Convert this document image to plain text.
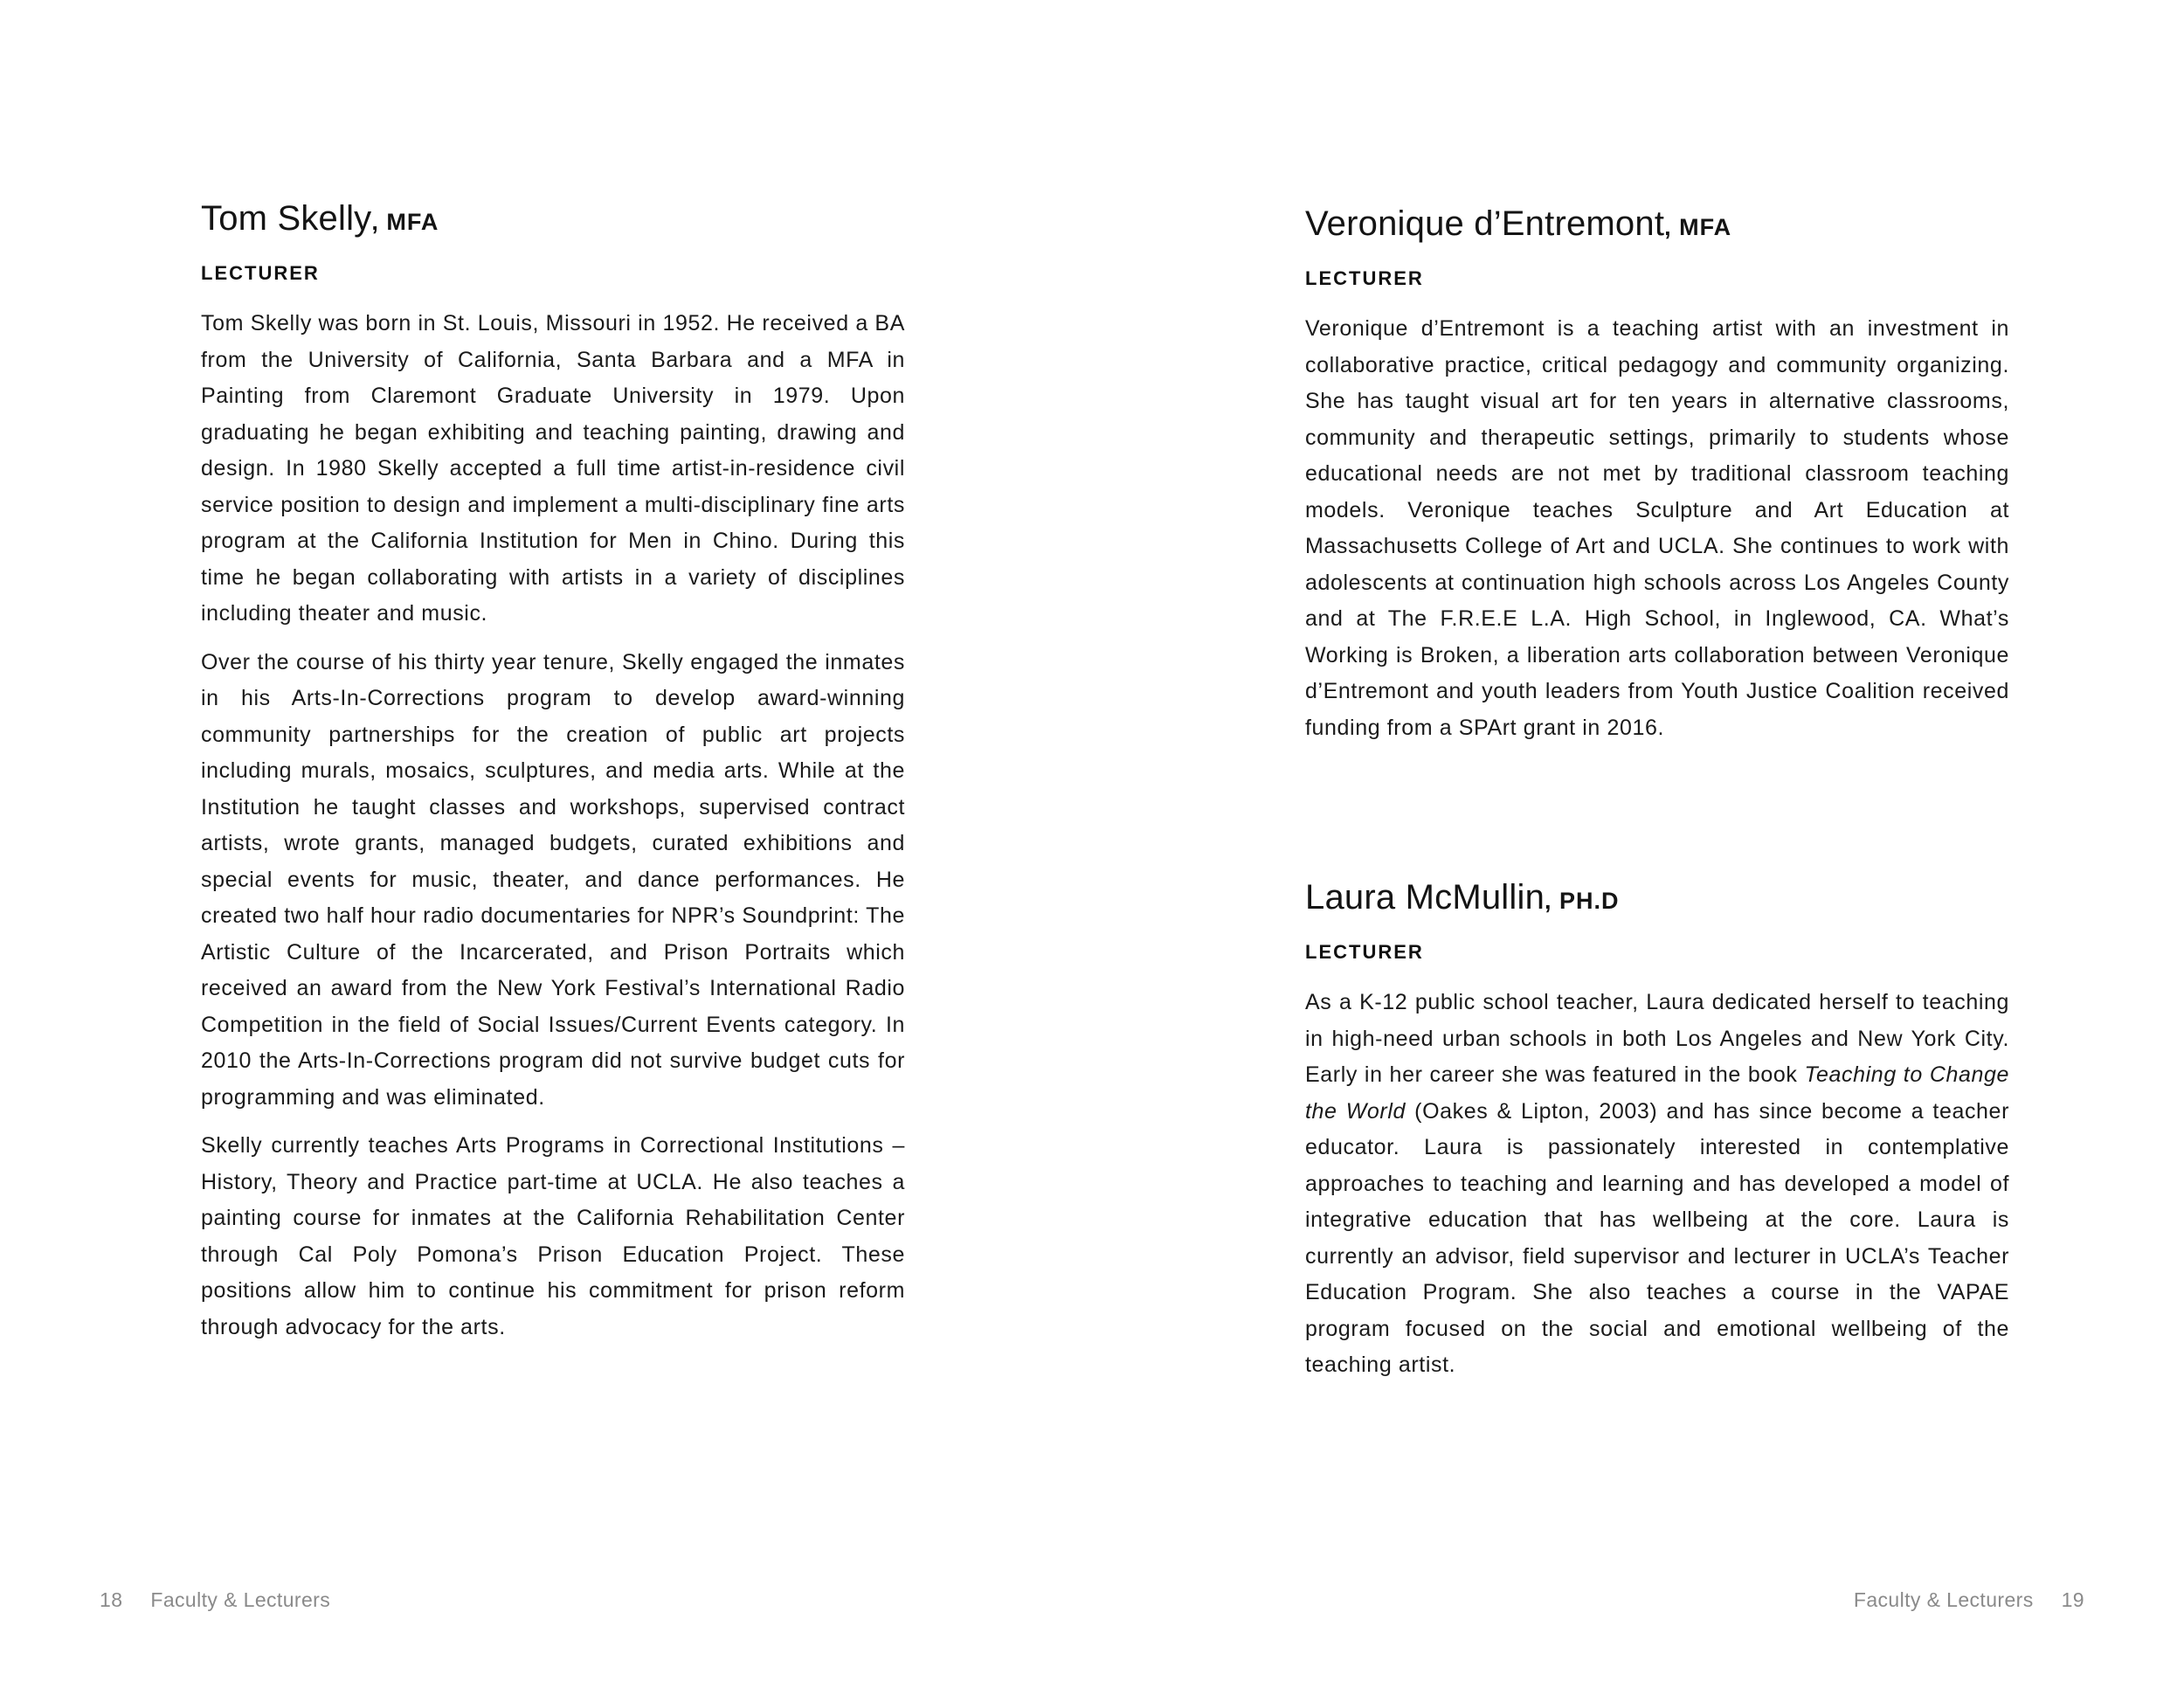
Tom Skelly, MFA
LECTURER

Tom Skelly was born in St. Louis, Missouri in 1952. He received a BA from the University of California, Santa Barbara and a MFA in Painting from Claremont Graduate University in 1979. Upon graduating he began exhibiting and teaching painting, drawing and design. In 1980 Skelly accepted a full time artist-in-residence civil service position to design and implement a multi-disciplinary fine arts program at the California Institution for Men in Chino. During this time he began collaborating with artists in a variety of disciplines including theater and music.

Over the course of his thirty year tenure, Skelly engaged the inmates in his Arts-In-Corrections program to develop award-winning community partnerships for the creation of public art projects including murals, mosaics, sculptures, and media arts. While at the Institution he taught classes and workshops, supervised contract artists, wrote grants, managed budgets, curated exhibitions and special events for music, theater, and dance performances. He created two half hour radio documentaries for NPR’s Soundprint: The Artistic Culture of the Incarcerated, and Prison Portraits which received an award from the New York Festival’s International Radio Competition in the field of Social Issues/Current Events category. In 2010 the Arts-In-Corrections program did not survive budget cuts for programming and was eliminated.

Skelly currently teaches Arts Programs in Correctional Institutions – History, Theory and Practice part-time at UCLA. He also teaches a painting course for inmates at the California Rehabilitation Center through Cal Poly Pomona’s Prison Education Project. These positions allow him to continue his commitment for prison reform through advocacy for the arts.

18 Faculty & Lecturers
Veronique d’Entremont, MFA
LECTURER

Veronique d’Entremont is a teaching artist with an investment in collaborative practice, critical pedagogy and community organizing. She has taught visual art for ten years in alternative classrooms, community and therapeutic settings, primarily to students whose educational needs are not met by traditional classroom teaching models. Veronique teaches Sculpture and Art Education at Massachusetts College of Art and UCLA. She continues to work with adolescents at continuation high schools across Los Angeles County and at The F.R.E.E L.A. High School, in Inglewood, CA. What’s Working is Broken, a liberation arts collaboration between Veronique d’Entremont and youth leaders from Youth Justice Coalition received funding from a SPArt grant in 2016.

Laura McMullin, PH.D
LECTURER

As a K-12 public school teacher, Laura dedicated herself to teaching in high-need urban schools in both Los Angeles and New York City. Early in her career she was featured in the book Teaching to Change the World (Oakes & Lipton, 2003) and has since become a teacher educator. Laura is passionately interested in contemplative approaches to teaching and learning and has developed a model of integrative education that has wellbeing at the core. Laura is currently an advisor, field supervisor and lecturer in UCLA’s Teacher Education Program. She also teaches a course in the VAPAE program focused on the social and emotional wellbeing of the teaching artist.

Faculty & Lecturers 19
